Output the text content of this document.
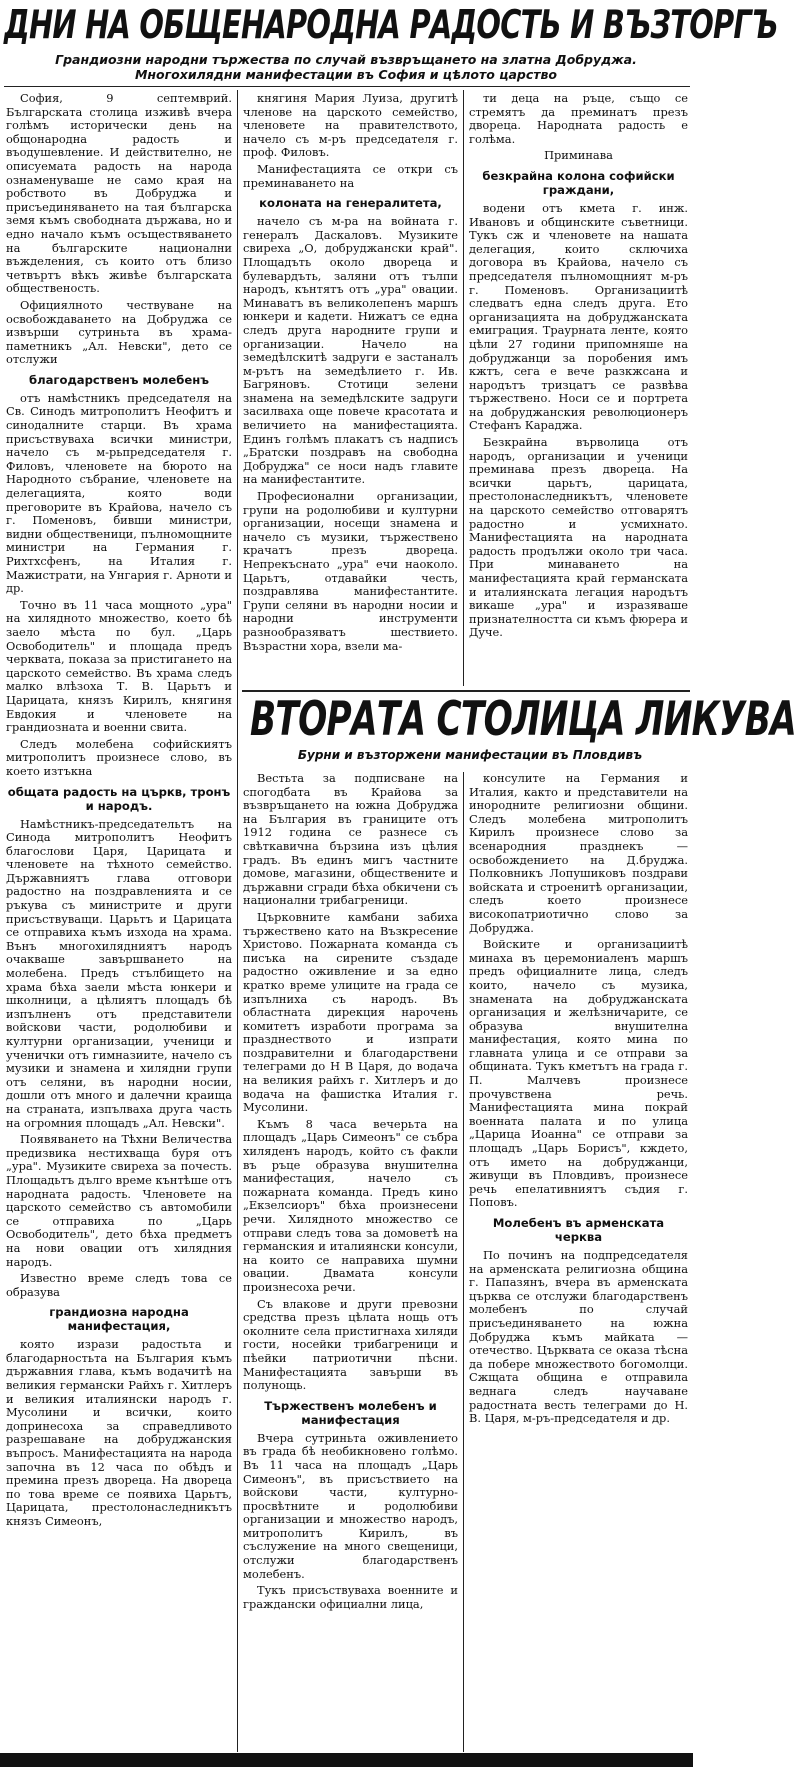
ДНИ НА ОБЩЕНАРОДНА РАДОСТЬ И ВЪЗТОРГЪ
Грандиозни народни тържества по случай възвръщането на златна Добруджа. Многохилядни манифестации въ София и цѣлото царство

София, 9 септемврий. Българската столица изживѣ вчера голѣмъ исторически день на общонародна радость и въодушевление. И действително, не описуемата радость на народа ознаменуваше не само края на робството въ Добруджа и присъединяването на тая българска земя къмъ свободната държава, но и едно начало къмъ осъществяването на българските национални въжделения, съ които отъ близо четвъртъ вѣкъ живѣе българската общественость.

Официялното чествуване на освобождаването на Добруджа се извърши сутриньта въ храма-паметникъ „Ал. Невски", дето се отслужи

благодарственъ молебенъ

отъ намѣстникъ председателя на Св. Синодъ митрополитъ Неофитъ и синодалните старци. Въ храма присъствуваха всички министри, начело съ м-рьпредседателя г. Филовъ, членовете на бюрото на Народното събрание, членовете на делегацията, която води преговорите въ Крайова, начело съ г. Поменовъ, бивши министри, видни общественици, пълномощните министри на Германия г. Рихтхсфенъ, на Италия г. Мажистрати, на Унгария г. Арноти и др.

Точно въ 11 часа мощното „ура" на хилядното множество, което бѣ заело мѣста по бул. „Царь Освободитель" и площада предъ черквата, показа за пристигането на царското семейство. Въ храма следъ малко влѣзоха Т. В. Царьтъ и Царицата, князъ Кирилъ, княгиня Евдокия и членовете на грандиозната и военни свита.

Следъ молебена софийскиятъ митрополитъ произнесе слово, въ което изтъкна

общата радость на църкв, тронъ и народъ.

Намѣстникъ-председательтъ на Синода митрополитъ Неофитъ благослови Царя, Царицата и членовете на тѣхното семейство. Държавниятъ глава отговори радостно на поздравленията и се ръкува съ министрите и други присъствуващи. Царьтъ и Царицата се отправиха къмъ изхода на храма. Вънъ многохилядниятъ народъ очакваше завършването на молебена. Предъ стълбището на храма бѣха заели мѣста юнкери и школници, а цѣлиятъ площадъ бѣ изпълненъ отъ представители войскови части, родолюбиви и културни организации, ученици и ученички отъ гимназиите, начело съ музики и знамена и хилядни групи отъ селяни, въ народни носии, дошли отъ много и далечни краища на страната, изпълваха друга часть на огромния площадъ „Ал. Невски".

Появяването на Тѣхни Величества предизвика нестихваща буря отъ „ура". Музиките свиреха за почесть. Площадьтъ дълго време кънтѣше отъ народната радость. Членовете на царското семейство съ автомобили се отправиха по „Царь Освободитель", дето бѣха предметъ на нови овации отъ хилядния народъ.

Известно време следъ това се образува

грандиозна народна манифестация,

която изрази радостьта и благодарностьта на България къмъ държавния глава, къмъ водачитѣ на великия германски Райхъ г. Хитлеръ и великия италиянски народъ г. Мусолини и всички, които допринесоха за справедливото разрешаване на добруджанския въпросъ. Манифестацията на народа започна въ 12 часа по обѣдъ и премина презъ двореца. На двореца по това време се появиха Царьтъ, Царицата, престолонаследникътъ князъ Симеонъ,

княгиня Мария Луиза, другитѣ членове на царското семейство, членовете на правителството, начело съ м-ръ председателя г. проф. Филовъ.

Манифестацията се откри съ преминаването на

колоната на генералитета,

начело съ м-ра на войната г. генералъ Даскаловъ. Музиките свиреха „О, добруджански край". Площадъть около двореца и булевардъть, заляни отъ тълпи народъ, кънтятъ отъ „ура" овации. Минаватъ въ великолепенъ маршъ юнкери и кадети. Нижатъ се една следъ друга народните групи и организации. Начело на земедѣлскитѣ задруги е застаналъ м-рътъ на земедѣлието г. Ив. Багряновъ. Стотици зелени знамена на земедѣлските задруги засилваха още повече красотата и величието на манифестацията. Единъ голѣмъ плакатъ съ надписъ „Братски поздравъ на свободна Добруджа" се носи надъ главите на манифестантите.

Професионални организации, групи на родолюбиви и културни организации, носещи знамена и начело съ музики, тържествено крачатъ презъ двореца. Непрекъснато „ура" ечи наоколо. Царьтъ, отдавайки честь, поздравлява манифестантите. Групи селяни въ народни носии и народни инструменти разнообразяватъ шествието. Възрастни хора, взели ма-

ти деца на ръце, също се стремятъ да преминатъ презъ двореца. Народната радость е голѣма.

Приминава

безкрайна колона софийски граждани,

водени отъ кмета г. инж. Ивановъ и общинските съветници. Тукъ сж и членовете на нашата делегация, които сключиха договора въ Крайова, начело съ председателя пълномощният м-ръ г. Поменовъ. Организациитѣ следватъ една следъ друга. Ето организацията на добруджанската емиграция. Траурната ленте, която цѣли 27 години припомняше на добруджанци за поробения имъ кжтъ, сега е вече разкжсана и народътъ тризцатъ се развѣва тържествено. Носи се и портрета на добруджанския революционеръ Стефанъ Караджа.

Безкрайна върволица отъ народъ, организации и ученици преминава презъ двореца. На всички царьтъ, царицата, престолонаследникътъ, членовете на царското семейство отговарятъ радостно и усмихнато. Манифестацията на народната радость продължи около три часа. При минаването на манифестацията край германската и италиянската легация народътъ викаше „ура" и изразяваше признателността си къмъ фюрера и Дуче.

ВТОРАТА СТОЛИЦА ЛИКУВА
Бурни и възторжени манифестации въ Пловдивъ

Вестьта за подписване на спогодбата въ Крайова за възвръщането на южна Добруджа на България въ границите отъ 1912 година се разнесе съ свѣткавична бързина изъ цѣлия градъ. Въ единъ мигъ частните домове, магазини, обществените и държавни сгради бѣха обкичени съ национални трибагреници.

Църковните камбани забиха тържествено като на Възкресение Христово. Пожарната команда съ писъка на сирените създаде радостно оживление и за едно кратко време улиците на града се изпълниха съ народъ. Въ областната дирекция нарочень комитетъ изработи програма за празднеството и изпрати поздравителни и благодарствени телеграми до Н В Царя, до водача на великия райхъ г. Хитлеръ и до водача на фашистка Италия г. Мусолини.

Къмъ 8 часа вечерьта на площадъ „Царь Симеонъ" се събра хиляденъ народъ, който съ факли въ ръце образува внушителна манифестация, начело съ пожарната команда. Предъ кино „Екзелсиоръ" бѣха произнесени речи. Хилядното множество се отправи следъ това за домоветѣ на германския и италиянски консули, на които се направиха шумни овации. Двамата консули произнесоха речи.

Съ влакове и други превозни средства презъ цѣлата нощь отъ околните села пристигнаха хиляди гости, носейки трибагреници и пѣейки патриотични пѣсни. Манифестацията завърши въ полунощь.

Тържественъ молебенъ и манифестация

Вчера сутриньта оживлението въ града бѣ необикновено голѣмо. Въ 11 часа на площадъ „Царь Симеонъ", въ присъствието на войскови части, културно-просвѣтните и родолюбиви организации и множество народъ, митрополитъ Кирилъ, въ съслужение на много свещеници, отслужи благодарственъ молебенъ.

Тукъ присъствуваха военните и граждански официални лица,

консулите на Германия и Италия, както и представители на инородните религиозни общини. Следъ молебена митрополитъ Кирилъ произнесе слово за всенародния празднекъ — освобождението на Д.бруджа. Полковникъ Лопушиковъ поздрави войската и строенитѣ организации, следъ което произнесе високопатриотично слово за Добруджа.

Войските и организациитѣ минаха въ церемониаленъ маршъ предъ официалните лица, следъ които, начело съ музика, знамената на добруджанската организация и желѣзничарите, се образува внушителна манифестация, която мина по главната улица и се отправи за общината. Тукъ кметътъ на града г. П. Малчевъ произнесе прочувствена речь. Манифестацията мина покрай военната палата и по улица „Царица Иоанна" се отправи за площадъ „Царь Борисъ", кждето, отъ името на добруджанци, живущи въ Пловдивъ, произнесе речь епелативниятъ съдия г. Поповъ.

Молебенъ въ арменската черква

По починъ на подпредседателя на арменската религиозна община г. Папазянъ, вчера въ арменската църква се отслужи благодарственъ молебенъ по случай присъединяването на южна Добруджа къмъ майката — отечество. Църквата се оказа тѣсна да побере множеството богомолци. Сжщата община е отправила веднага следъ научаване радостната весть телеграми до Н. В. Царя, м-ръ-председателя и др.
